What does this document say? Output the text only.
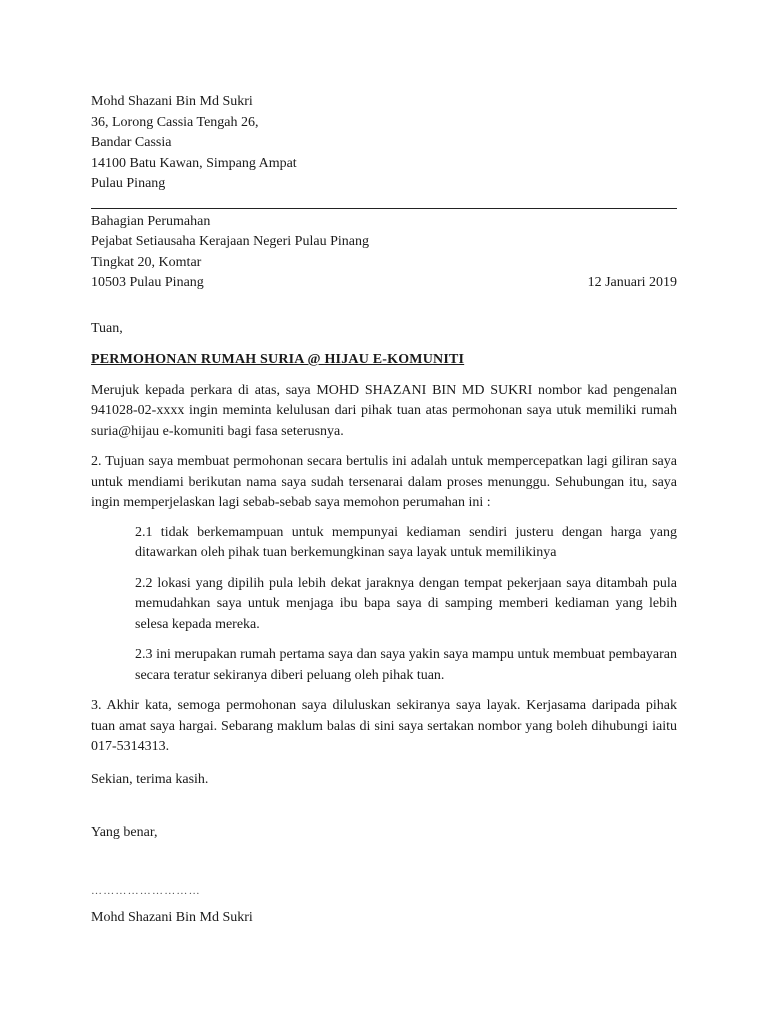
Mohd Shazani Bin Md Sukri
36, Lorong Cassia Tengah 26,
Bandar Cassia
14100 Batu Kawan, Simpang Ampat
Pulau Pinang
Bahagian Perumahan
Pejabat Setiausaha Kerajaan Negeri Pulau Pinang
Tingkat 20, Komtar
10503 Pulau Pinang	12 Januari 2019
Tuan,
PERMOHONAN RUMAH SURIA @ HIJAU E-KOMUNITI

Merujuk kepada perkara di atas, saya MOHD SHAZANI BIN MD SUKRI nombor kad pengenalan 941028-02-xxxx ingin meminta kelulusan dari pihak tuan atas permohonan saya utuk memiliki rumah suria@hijau e-komuniti bagi fasa seterusnya.

2. Tujuan saya membuat permohonan secara bertulis ini adalah untuk mempercepatkan lagi giliran saya untuk mendiami berikutan nama saya sudah tersenarai dalam proses menunggu. Sehubungan itu, saya ingin memperjelaskan lagi sebab-sebab saya memohon perumahan ini :

2.1 tidak berkemampuan untuk mempunyai kediaman sendiri justeru dengan harga yang ditawarkan oleh pihak tuan berkemungkinan saya layak untuk memilikinya

2.2 lokasi yang dipilih pula lebih dekat jaraknya dengan tempat pekerjaan saya ditambah pula memudahkan saya untuk menjaga ibu bapa saya di samping memberi kediaman yang lebih selesa kepada mereka.

2.3 ini merupakan rumah pertama saya dan saya yakin saya mampu untuk membuat pembayaran secara teratur sekiranya diberi peluang oleh pihak tuan.

3. Akhir kata, semoga permohonan saya diluluskan sekiranya saya layak. Kerjasama daripada pihak tuan amat saya hargai. Sebarang maklum balas di sini saya sertakan nombor yang boleh dihubungi iaitu 017-5314313.

Sekian, terima kasih.
Yang benar,
………………………
Mohd Shazani Bin Md Sukri
